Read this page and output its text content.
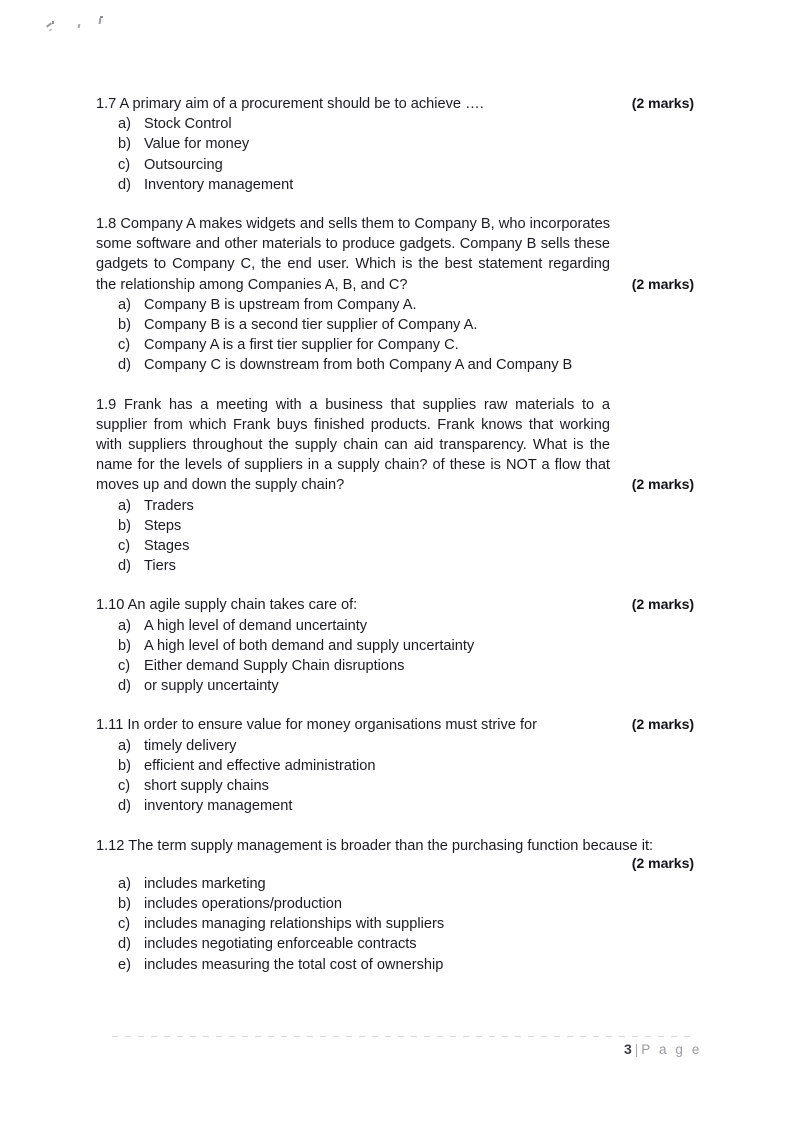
1.7 A primary aim of a procurement should be to achieve ….	(2 marks)
a) Stock Control
b) Value for money
c) Outsourcing
d) Inventory management
1.8 Company A makes widgets and sells them to Company B, who incorporates some software and other materials to produce gadgets. Company B sells these gadgets to Company C, the end user. Which is the best statement regarding the relationship among Companies A, B, and C?	(2 marks)
a) Company B is upstream from Company A.
b) Company B is a second tier supplier of Company A.
c) Company A is a first tier supplier for Company C.
d) Company C is downstream from both Company A and Company B
1.9 Frank has a meeting with a business that supplies raw materials to a supplier from which Frank buys finished products. Frank knows that working with suppliers throughout the supply chain can aid transparency. What is the name for the levels of suppliers in a supply chain? of these is NOT a flow that moves up and down the supply chain?	(2 marks)
a) Traders
b) Steps
c) Stages
d) Tiers
1.10 An agile supply chain takes care of:	(2 marks)
a) A high level of demand uncertainty
b) A high level of both demand and supply uncertainty
c) Either demand Supply Chain disruptions
d) or supply uncertainty
1.11 In order to ensure value for money organisations must strive for	(2 marks)
a) timely delivery
b) efficient and effective administration
c) short supply chains
d) inventory management
1.12 The term supply management is broader than the purchasing function because it:
(2 marks)
a) includes marketing
b) includes operations/production
c) includes managing relationships with suppliers
d) includes negotiating enforceable contracts
e) includes measuring the total cost of ownership
3 | P a g e
